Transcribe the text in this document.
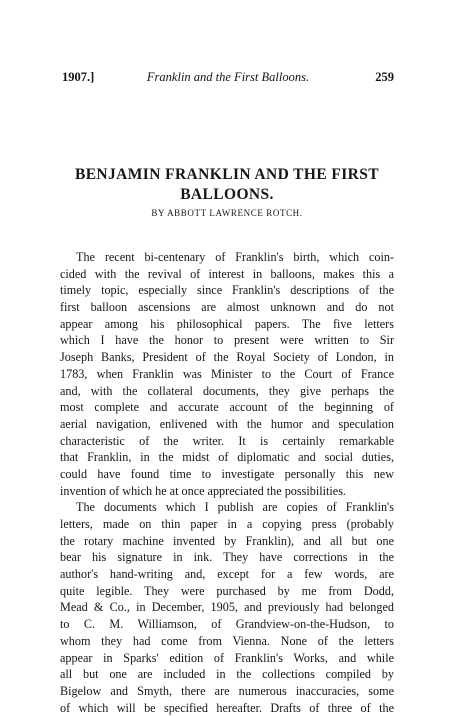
1907.]	Franklin and the First Balloons.	259
BENJAMIN FRANKLIN AND THE FIRST
BALLOONS.
BY ABBOTT LAWRENCE ROTCH.
The recent bi-centenary of Franklin's birth, which coin-
cided with the revival of interest in balloons, makes this a
timely topic, especially since Franklin's descriptions of the
first balloon ascensions are almost unknown and do not
appear among his philosophical papers. The five letters
which I have the honor to present were written to Sir
Joseph Banks, President of the Royal Society of London, in
1783, when Franklin was Minister to the Court of France
and, with the collateral documents, they give perhaps the
most complete and accurate account of the beginning of
aerial navigation, enlivened with the humor and speculation
characteristic of the writer. It is certainly remarkable
that Franklin, in the midst of diplomatic and social duties,
could have found time to investigate personally this new
invention of which he at once appreciated the possibilities.
The documents which I publish are copies of Franklin's
letters, made on thin paper in a copying press (probably
the rotary machine invented by Franklin), and all but one
bear his signature in ink. They have corrections in the
author's hand-writing and, except for a few words, are
quite legible. They were purchased by me from Dodd,
Mead & Co., in December, 1905, and previously had belonged
to C. M. Williamson, of Grandview-on-the-Hudson, to
whom they had come from Vienna. None of the letters
appear in Sparks' edition of Franklin's Works, and while
all but one are included in the collections compiled by
Bigelow and Smyth, there are numerous inaccuracies, some
of which will be specified hereafter. Drafts of three of the
